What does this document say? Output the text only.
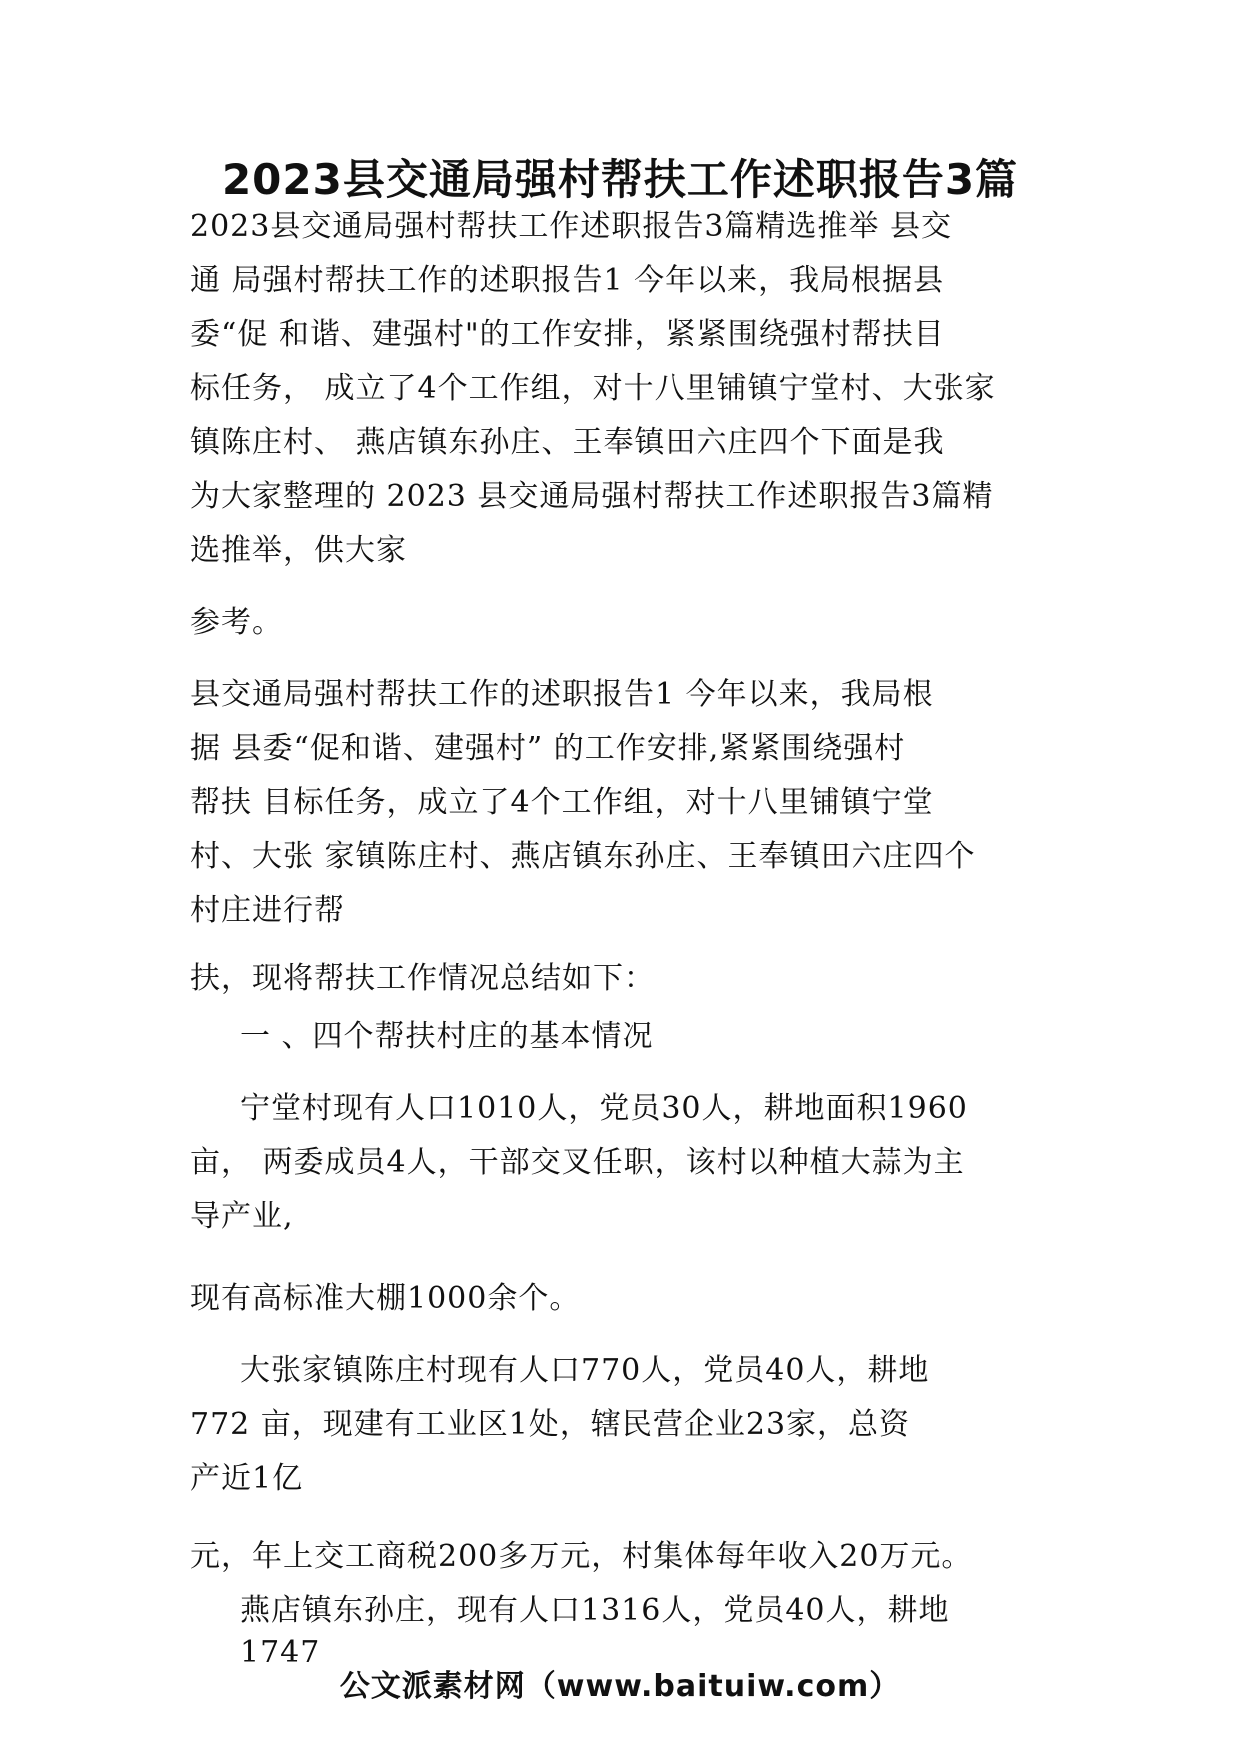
2023县交通局强村帮扶工作述职报告3篇

2023县交通局强村帮扶工作述职报告3篇精选推举 县交
通 局强村帮扶工作的述职报告1 今年以来，我局根据县
委“促 和谐、建强村"的工作安排，紧紧围绕强村帮扶目
标任务， 成立了4个工作组，对十八里铺镇宁堂村、大张家
镇陈庄村、 燕店镇东孙庄、王奉镇田六庄四个下面是我
为大家整理的 2023 县交通局强村帮扶工作述职报告3篇精
选推举，供大家

参考。

县交通局强村帮扶工作的述职报告1 今年以来，我局根
据 县委“促和谐、建强村” 的工作安排,紧紧围绕强村
帮扶 目标任务，成立了4个工作组，对十八里铺镇宁堂
村、大张 家镇陈庄村、燕店镇东孙庄、王奉镇田六庄四个
村庄进行帮

扶，现将帮扶工作情况总结如下：

一 、四个帮扶村庄的基本情况

宁堂村现有人口1010人，党员30人，耕地面积1960
亩， 两委成员4人，干部交叉任职，该村以种植大蒜为主
导产业,

现有高标准大棚1000余个。

大张家镇陈庄村现有人口770人，党员40人，耕地
772 亩，现建有工业区1处，辖民营企业23家，总资
产近1亿

元，年上交工商税200多万元，村集体每年收入20万元。

燕店镇东孙庄，现有人口1316人，党员40人，耕地
1747

公文派素材网（www.baituiw.com）
